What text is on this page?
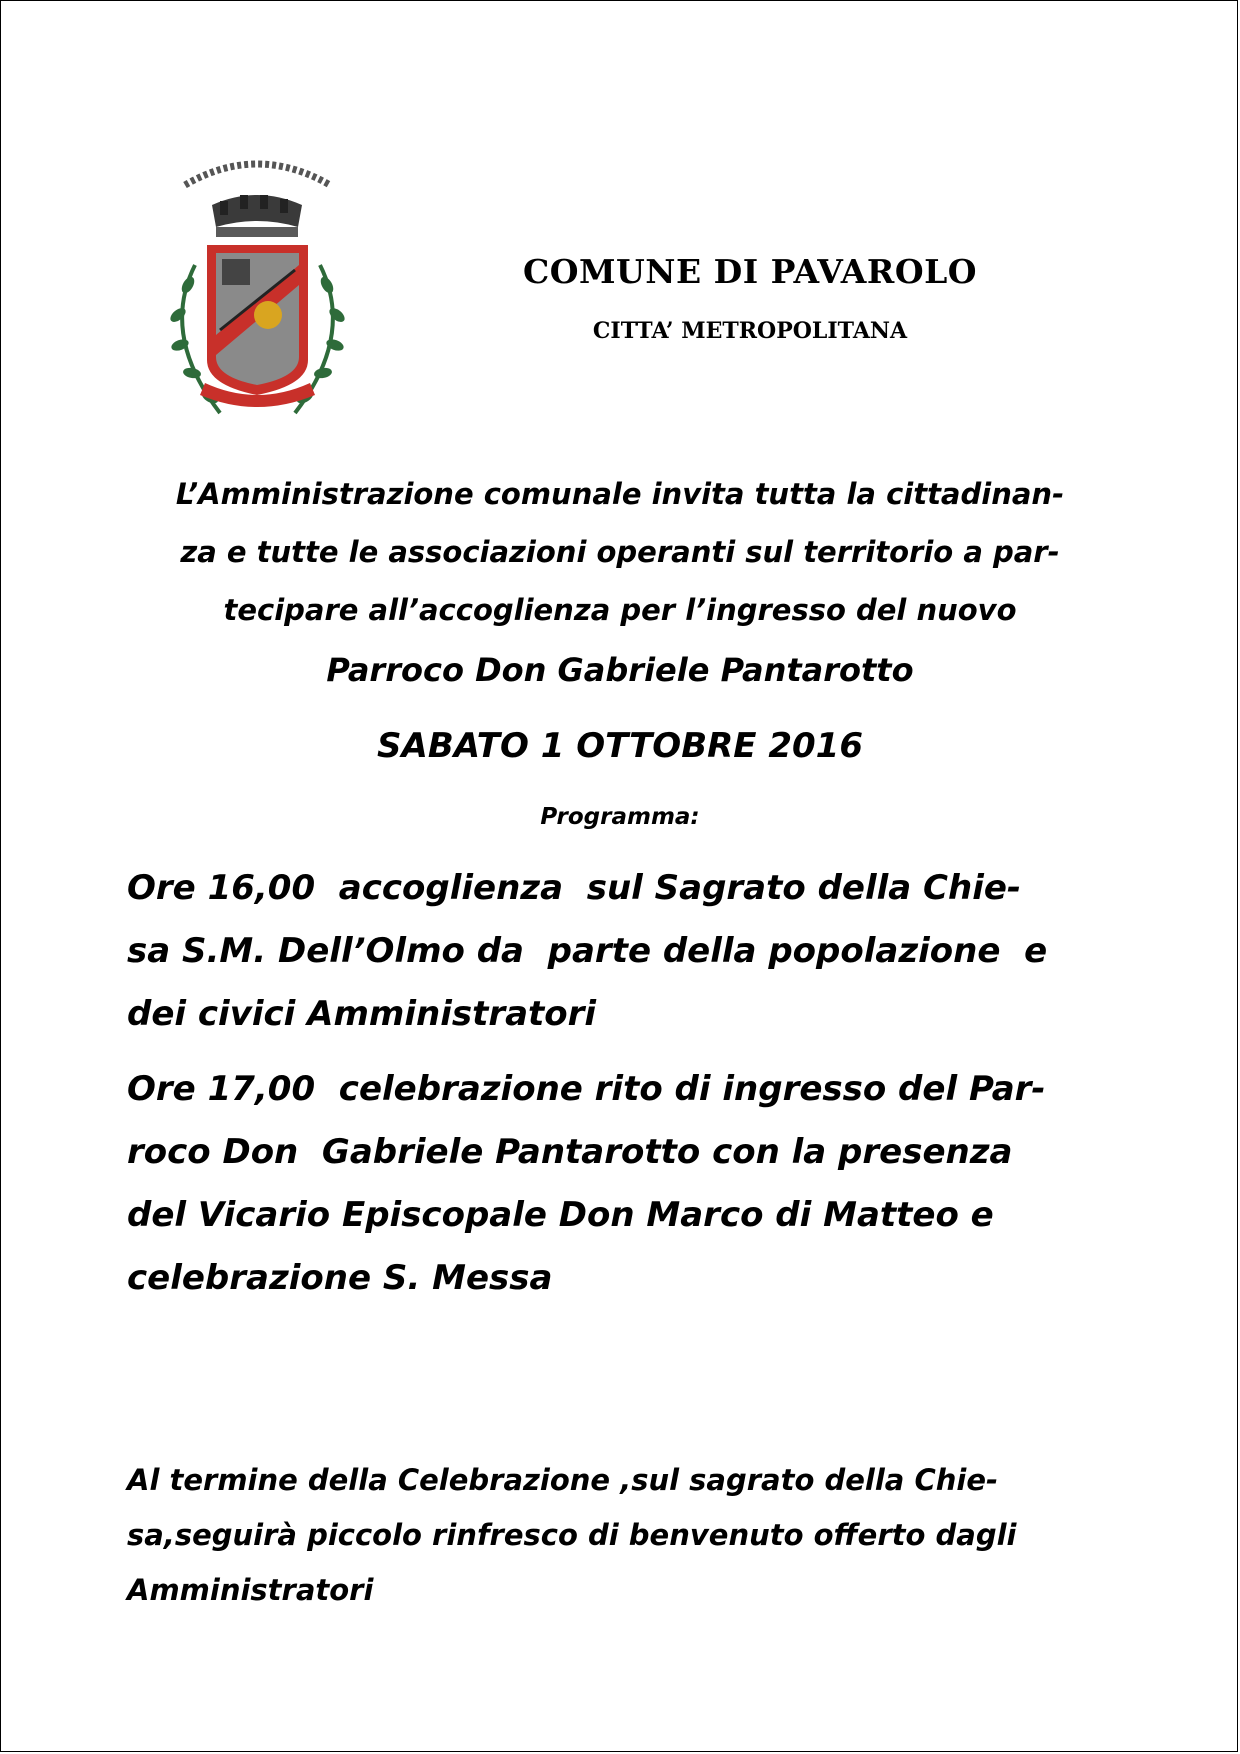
COMUNE DI PAVAROLO
CITTA’ METROPOLITANA

L’Amministrazione comunale invita tutta la cittadinan-
za e tutte le associazioni operanti sul territorio a par-
tecipare all’accoglienza per l’ingresso del nuovo

Parroco Don Gabriele Pantarotto

SABATO 1 OTTOBRE 2016

Programma:

Ore 16,00  accoglienza  sul Sagrato della Chie-
sa S.M. Dell’Olmo da  parte della popolazione  e
dei civici Amministratori

Ore 17,00  celebrazione rito di ingresso del Par-
roco Don  Gabriele Pantarotto con la presenza
del Vicario Episcopale Don Marco di Matteo e
celebrazione S. Messa

Al termine della Celebrazione ,sul sagrato della Chie-
sa,seguirà piccolo rinfresco di benvenuto offerto dagli
Amministratori
